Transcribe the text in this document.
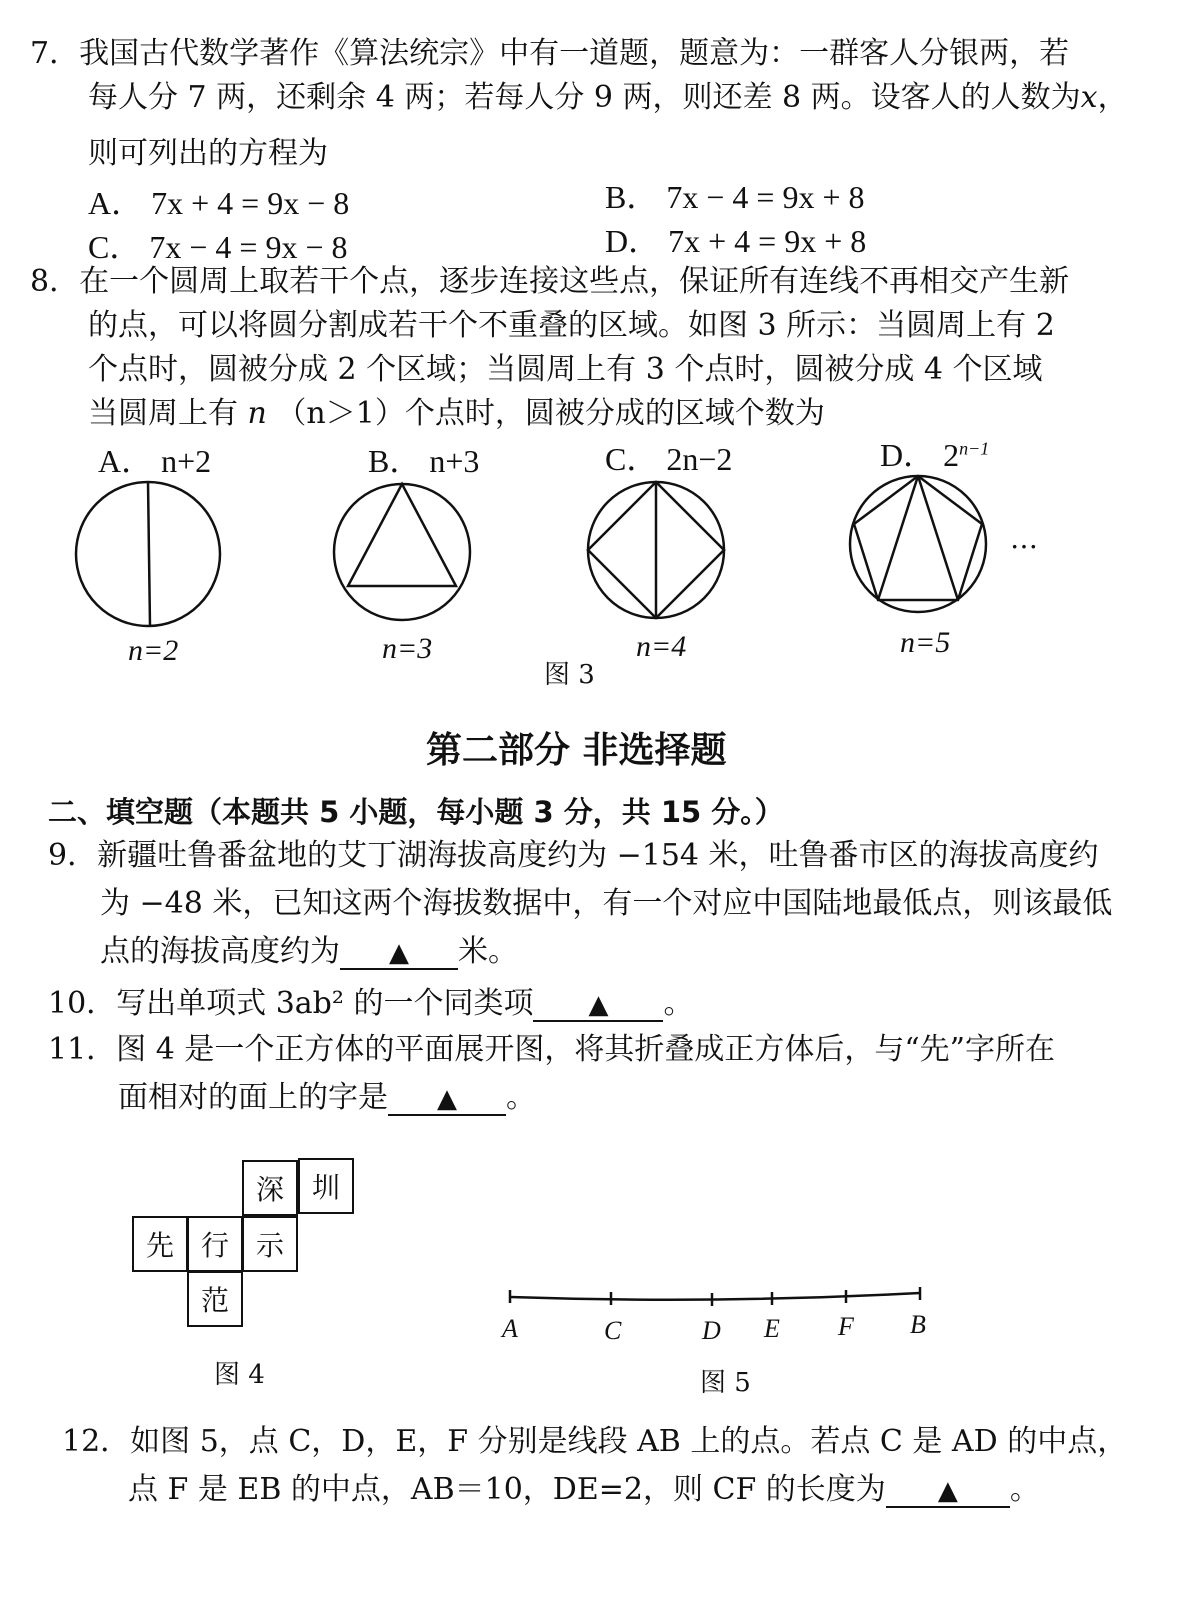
7．我国古代数学著作《算法统宗》中有一道题，题意为：一群客人分银两，若
每人分 7 两，还剩余 4 两；若每人分 9 两，则还差 8 两。设客人的人数为x，
则可列出的方程为
A． 7x + 4 = 9x − 8	B． 7x − 4 = 9x + 8
C． 7x − 4 = 9x − 8	D． 7x + 4 = 9x + 8
8．在一个圆周上取若干个点，逐步连接这些点，保证所有连线不再相交产生新
的点，可以将圆分割成若干个不重叠的区域。如图 3 所示：当圆周上有 2
个点时，圆被分成 2 个区域；当圆周上有 3 个点时，圆被分成 4 个区域
当圆周上有 n （n＞1）个点时，圆被分成的区域个数为
A． n+2	B． n+3	C． 2n−2	D． $2^{n-1}$
…
n=2	n=3	n=4	n=5
图 3
第二部分 非选择题
二、填空题（本题共 5 小题，每小题 3 分，共 15 分。）
9．新疆吐鲁番盆地的艾丁湖海拔高度约为 −154 米，吐鲁番市区的海拔高度约
为 −48 米，已知这两个海拔数据中，有一个对应中国陆地最低点，则该最低
点的海拔高度约为 ▲ 米。
10．写出单项式 3ab² 的一个同类项 ▲ 。
11．图 4 是一个正方体的平面展开图，将其折叠成正方体后，与“先”字所在
面相对的面上的字是 ▲ 。
深 圳
先 行 示
范
图 4
A	C	D E F B
图 5
12．如图 5，点 C，D，E，F 分别是线段 AB 上的点。若点 C 是 AD 的中点，
点 F 是 EB 的中点，AB＝10，DE=2，则 CF 的长度为 ▲ 。
